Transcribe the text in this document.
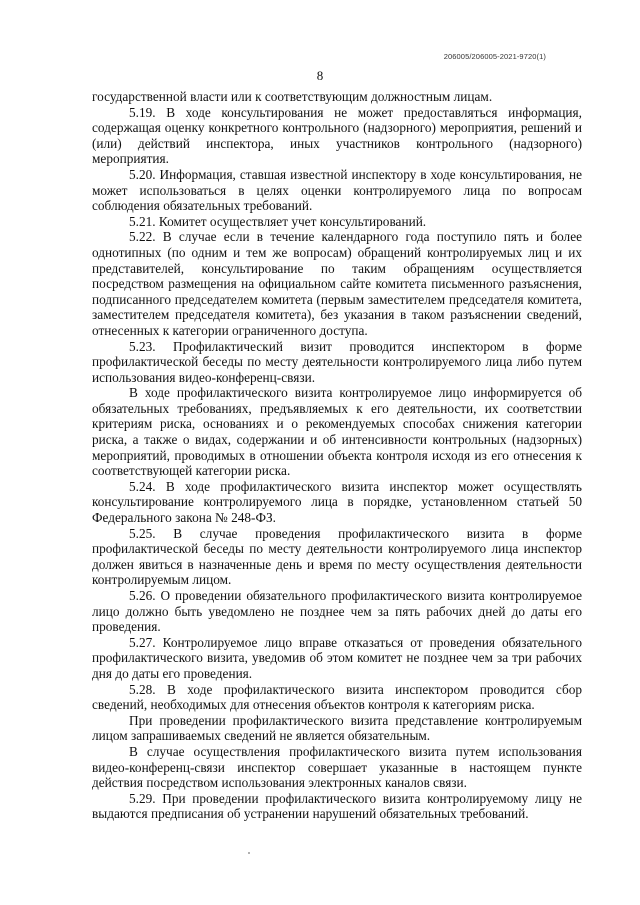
206005/206005-2021-9720(1)
8

государственной власти или к соответствующим должностным лицам.

5.19. В ходе консультирования не может предоставляться информация, содержащая оценку конкретного контрольного (надзорного) мероприятия, решений и (или) действий инспектора, иных участников контрольного (надзорного) мероприятия.

5.20. Информация, ставшая известной инспектору в ходе консультирования, не может использоваться в целях оценки контролируемого лица по вопросам соблюдения обязательных требований.

5.21. Комитет осуществляет учет консультирований.

5.22. В случае если в течение календарного года поступило пять и более однотипных (по одним и тем же вопросам) обращений контролируемых лиц и их представителей, консультирование по таким обращениям осуществляется посредством размещения на официальном сайте комитета письменного разъяснения, подписанного председателем комитета (первым заместителем председателя комитета, заместителем председателя комитета), без указания в таком разъяснении сведений, отнесенных к категории ограниченного доступа.

5.23. Профилактический визит проводится инспектором в форме профилактической беседы по месту деятельности контролируемого лица либо путем использования видео-конференц-связи.

В ходе профилактического визита контролируемое лицо информируется об обязательных требованиях, предъявляемых к его деятельности, их соответствии критериям риска, основаниях и о рекомендуемых способах снижения категории риска, а также о видах, содержании и об интенсивности контрольных (надзорных) мероприятий, проводимых в отношении объекта контроля исходя из его отнесения к соответствующей категории риска.

5.24. В ходе профилактического визита инспектор может осуществлять консультирование контролируемого лица в порядке, установленном статьей 50 Федерального закона № 248-ФЗ.

5.25. В случае проведения профилактического визита в форме профилактической беседы по месту деятельности контролируемого лица инспектор должен явиться в назначенные день и время по месту осуществления деятельности контролируемым лицом.

5.26. О проведении обязательного профилактического визита контролируемое лицо должно быть уведомлено не позднее чем за пять рабочих дней до даты его проведения.

5.27. Контролируемое лицо вправе отказаться от проведения обязательного профилактического визита, уведомив об этом комитет не позднее чем за три рабочих дня до даты его проведения.

5.28. В ходе профилактического визита инспектором проводится сбор сведений, необходимых для отнесения объектов контроля к категориям риска.

При проведении профилактического визита представление контролируемым лицом запрашиваемых сведений не является обязательным.

В случае осуществления профилактического визита путем использования видео-конференц-связи инспектор совершает указанные в настоящем пункте действия посредством использования электронных каналов связи.

5.29. При проведении профилактического визита контролируемому лицу не выдаются предписания об устранении нарушений обязательных требований.
